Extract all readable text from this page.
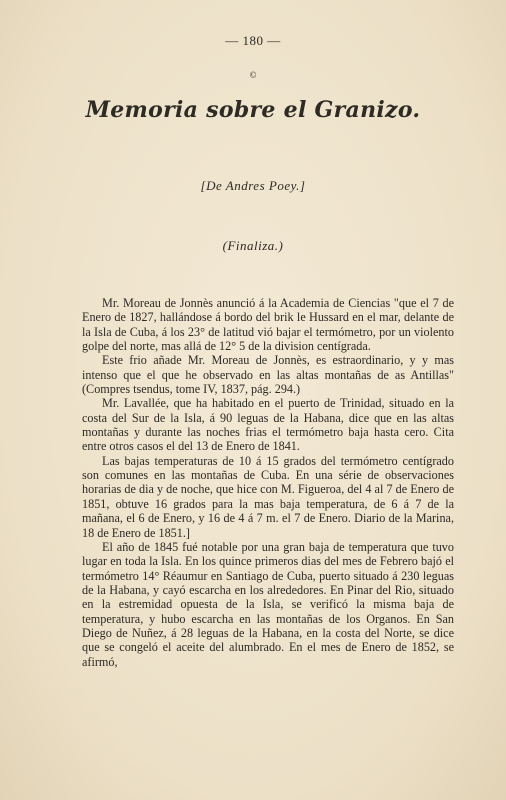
— 180 —
©
Memoria sobre el Granizo.
[De Andres Poey.]
(Finaliza.)

Mr. Moreau de Jonnès anunció á la Academia de Ciencias "que el 7 de Enero de 1827, hallándose á bordo del brik le Hussard en el mar, delante de la Isla de Cuba, á los 23° de latitud vió bajar el termómetro, por un violento golpe del norte, mas allá de 12° 5 de la division centígrada.

Este frio añade Mr. Moreau de Jonnès, es estraordinario, y y mas intenso que el que he observado en las altas montañas de as Antillas" (Compres tsendus, tome IV, 1837, pág. 294.)

Mr. Lavallée, que ha habitado en el puerto de Trinidad, situado en la costa del Sur de la Isla, á 90 leguas de la Habana, dice que en las altas montañas y durante las noches frias el termómetro baja hasta cero. Cita entre otros casos el del 13 de Enero de 1841.

Las bajas temperaturas de 10 á 15 grados del termómetro centígrado son comunes en las montañas de Cuba. En una série de observaciones horarias de dia y de noche, que hice con M. Figueroa, del 4 al 7 de Enero de 1851, obtuve 16 grados para la mas baja temperatura, de 6 á 7 de la mañana, el 6 de Enero, y 16 de 4 á 7 m. el 7 de Enero. Diario de la Marina, 18 de Enero de 1851.]

El año de 1845 fué notable por una gran baja de temperatura que tuvo lugar en toda la Isla. En los quince primeros dias del mes de Febrero bajó el termómetro 14° Réaumur en Santiago de Cuba, puerto situado á 230 leguas de la Habana, y cayó escarcha en los alrededores. En Pinar del Rio, situado en la estremidad opuesta de la Isla, se verificó la misma baja de temperatura, y hubo escarcha en las montañas de los Organos. En San Diego de Nuñez, á 28 leguas de la Habana, en la costa del Norte, se dice que se congeló el aceite del alumbrado. En el mes de Enero de 1852, se afirmó,
